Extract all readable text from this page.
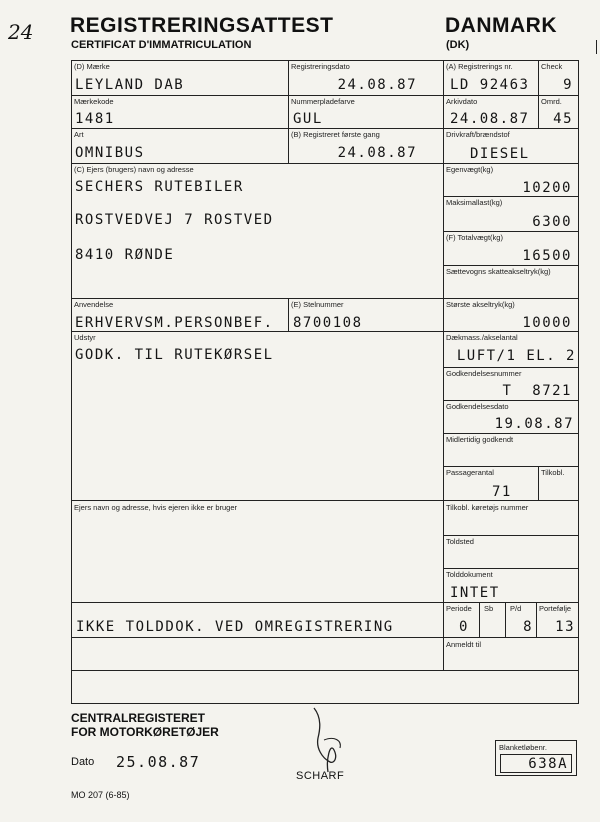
24 REGISTRERINGSATTEST
CERTIFICAT D'IMMATRICULATION
DANMARK
(DK)
(D) Mærke
LEYLAND DAB
Registreringsdato
24.08.87
(A) Registrerings nr.
LD 92463
Check
9
Mærkekode
1481
Nummerpladefarve
GUL
Arkivdato
24.08.87
Omrd.
45
Art
OMNIBUS
(B) Registreret første gang
24.08.87
Drivkraft/brændstof
DIESEL
(C) Ejers (brugers) navn og adresse
SECHERS RUTEBILER
ROSTVEDVEJ 7 ROSTVED
8410 RØNDE
Egenvægt(kg)
10200
Maksimallast(kg)
6300
(F) Totalvægt(kg)
16500
Sættevogns skatteakseltryk(kg)
Anvendelse
ERHVERVSM.PERSONBEF.
(E) Stelnummer
8700108
Største akseltryk(kg)
10000
Udstyr
GODK. TIL RUTEKØRSEL
Dækmass./akselantal
LUFT/1 EL. 2
Godkendelsesnummer
T  8721
Godkendelsesdato
19.08.87
Midlertidig godkendt
Passagerantal
71
Tilkobl.
Ejers navn og adresse, hvis ejeren ikke er bruger	Tilkobl. køretøjs nummer
Toldsted
Tolddokument
INTET
IKKE TOLDDOK. VED OMREGISTRERING
Periode
0
Sb P/d
8
Portefølje
13
Anmeldt til
CENTRALREGISTERET
FOR MOTORKØRETØJER
Dato 25.08.87
SCHARF
MO 207 (6-85)
Blanketløbenr.
638A
